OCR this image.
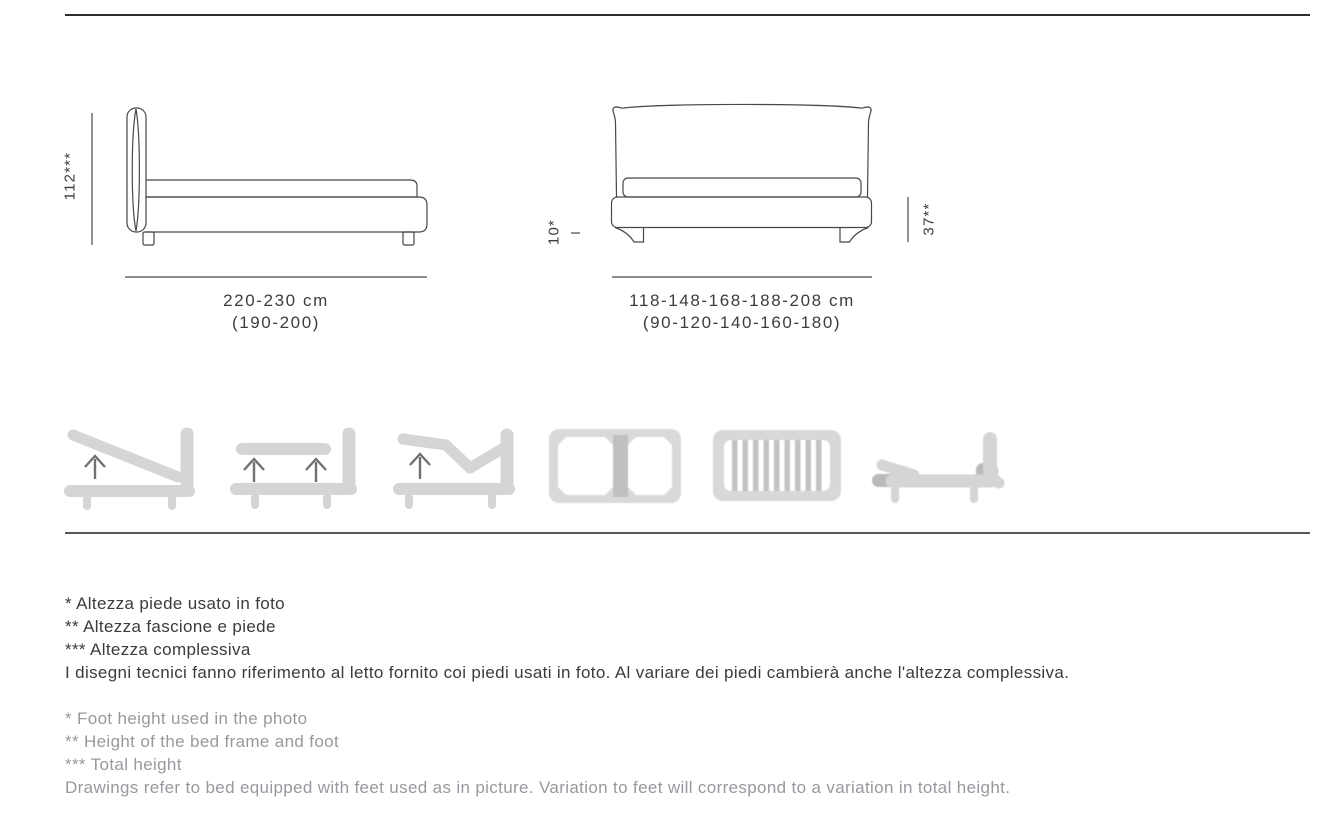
112***
220-230 cm
(190-200)
10*	37**
118-148-168-188-208 cm
(90-120-140-160-180)
* Altezza piede usato in foto
** Altezza fascione e piede
*** Altezza complessiva
I disegni tecnici fanno riferimento al letto fornito coi piedi usati in foto. Al variare dei piedi cambierà anche l'altezza complessiva.
* Foot height used in the photo
** Height of the bed frame and foot
*** Total height
Drawings refer to bed equipped with feet used as in picture. Variation to feet will correspond to a variation in total height.
